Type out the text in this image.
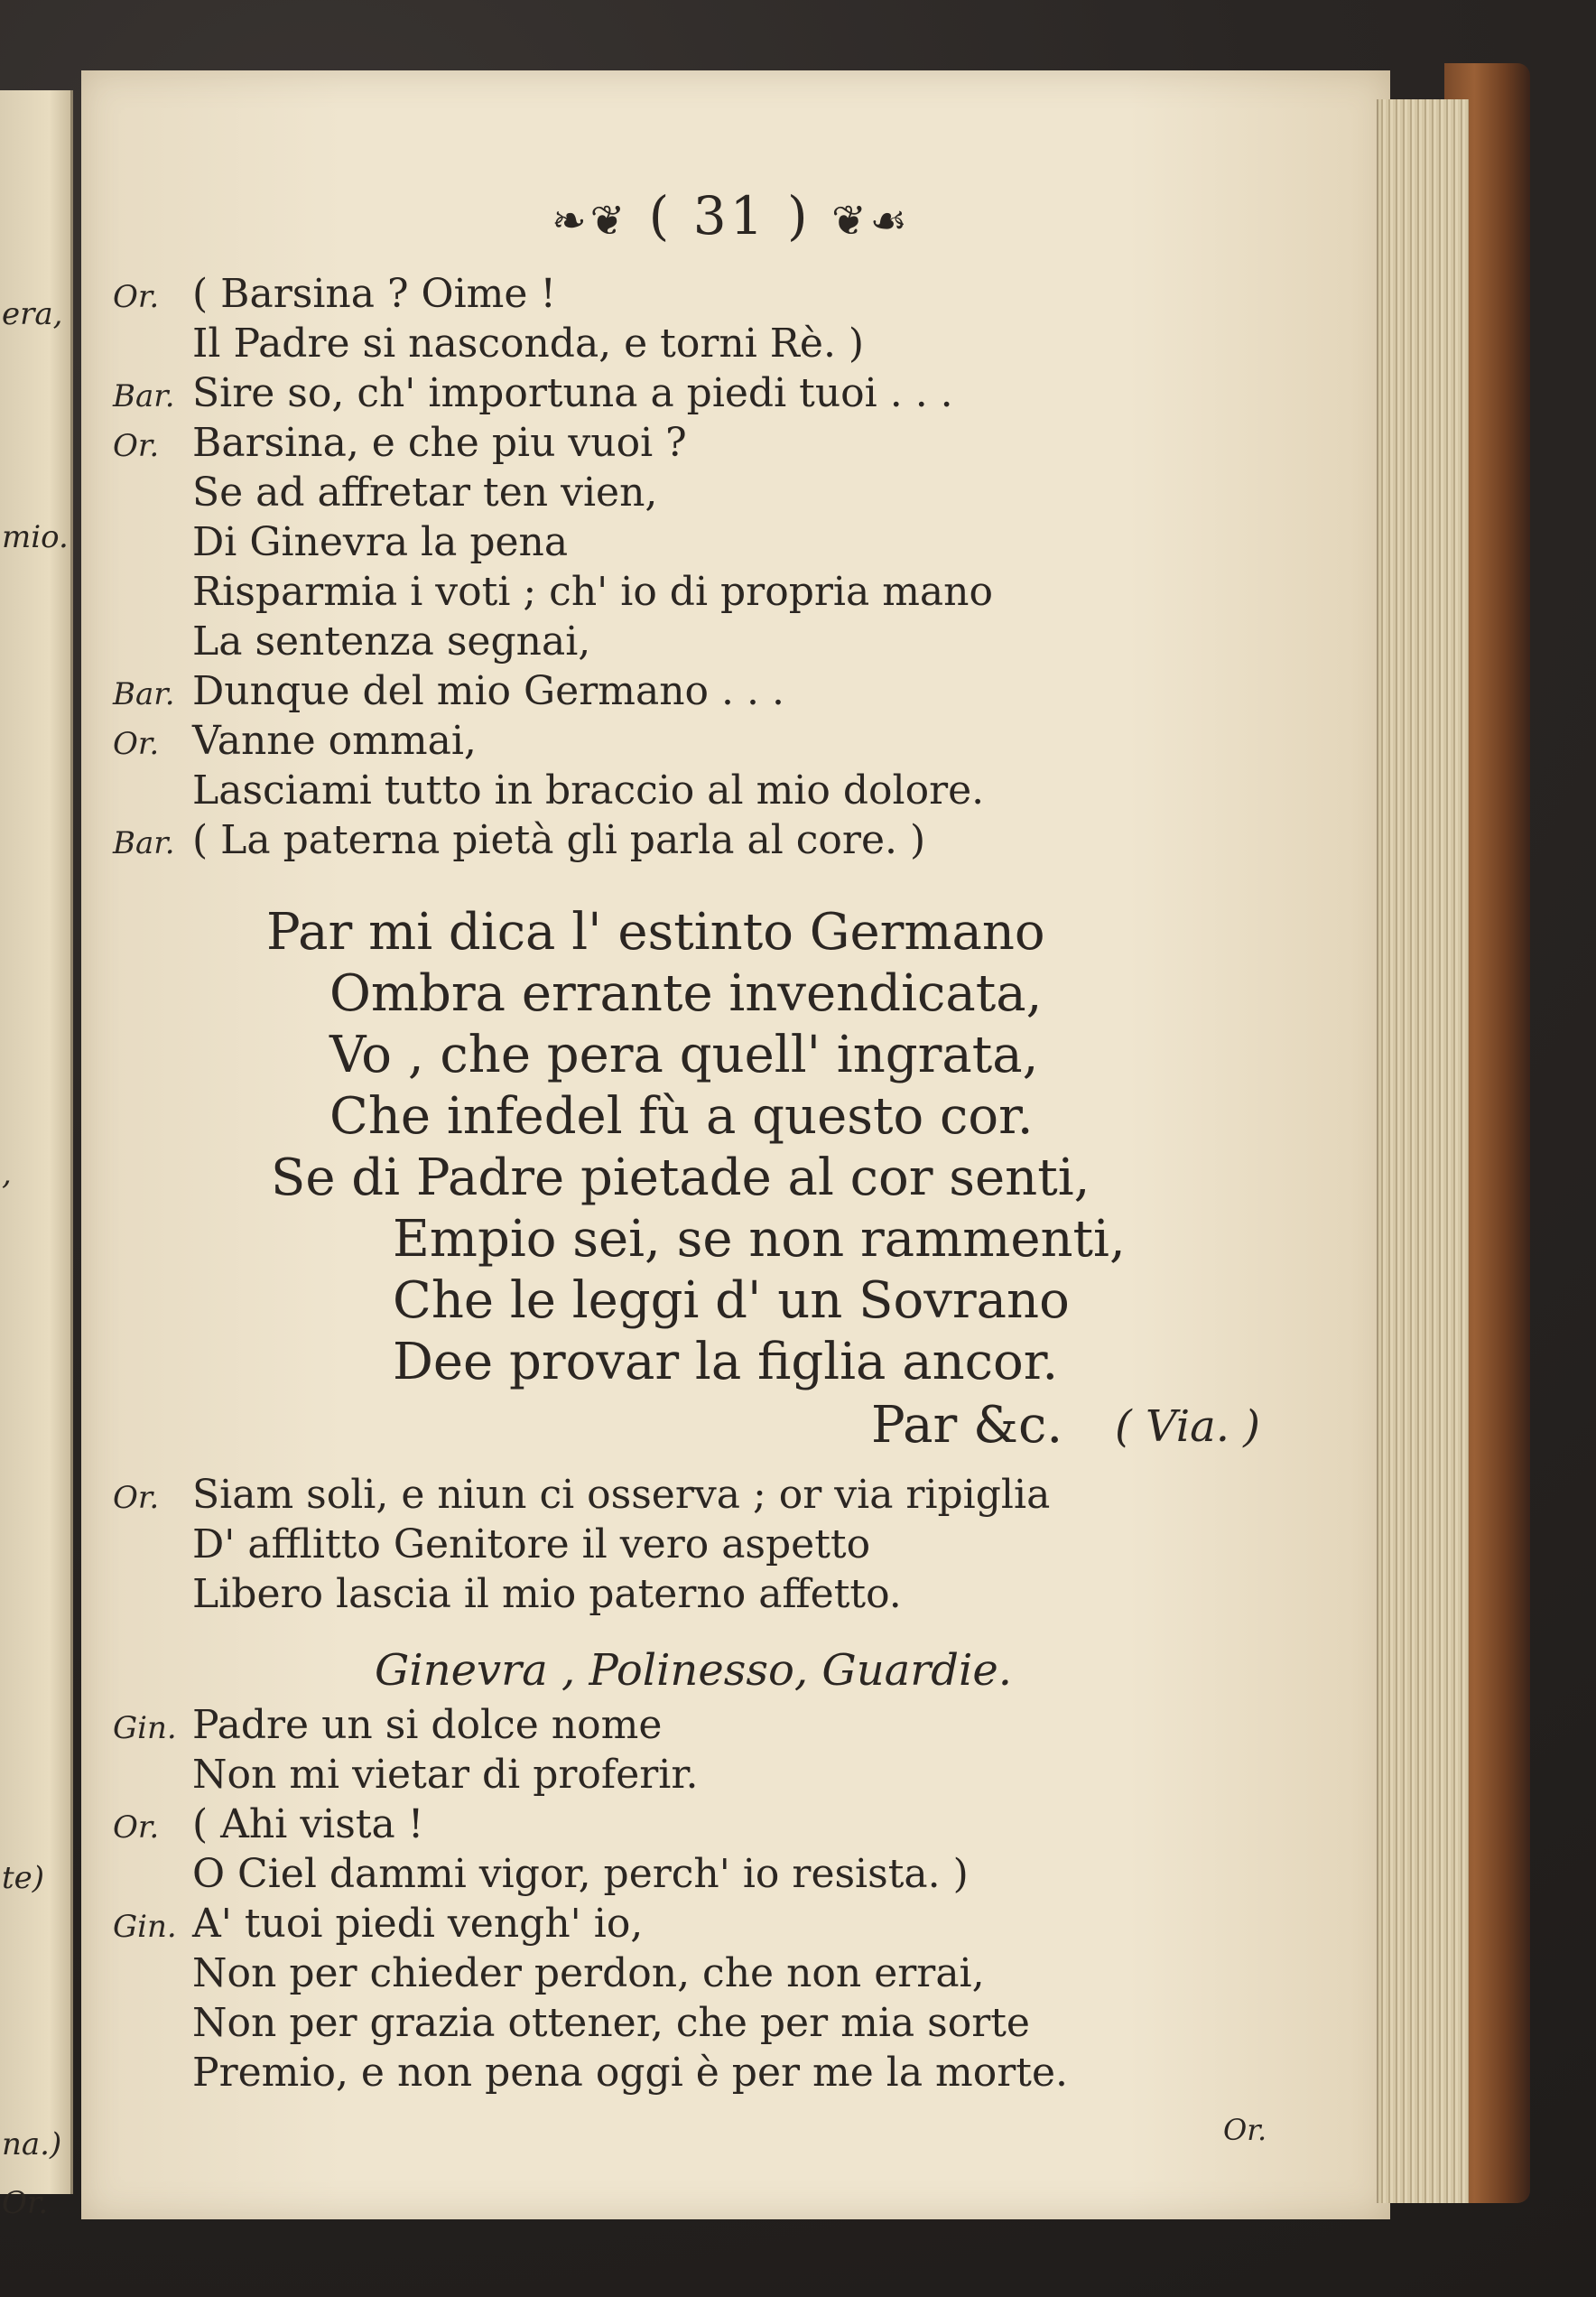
era,
mio.
,
te)
na.)
Or.
❧❦ ( 31 ) ❦☙
Or. ( Barsina ? Oime !
Il Padre si nasconda, e torni Rè. )
Bar. Sire so, ch' importuna a piedi tuoi . . .
Or. Barsina, e che piu vuoi ?
Se ad affretar ten vien,
Di Ginevra la pena
Risparmia i voti ; ch' io di propria mano
La sentenza segnai,
Bar. Dunque del mio Germano . . .
Or. Vanne ommai,
Lasciami tutto in braccio al mio dolore.
Bar. ( La paterna pietà gli parla al core. )
Par mi dica l' estinto Germano
Ombra errante invendicata,
Vo , che pera quell' ingrata,
Che infedel fù a questo cor.
Se di Padre pietade al cor senti,
Empio sei, se non rammenti,
Che le leggi d' un Sovrano
Dee provar la figlia ancor.
Par &c. ( Via. )
Or. Siam soli, e niun ci osserva ; or via ripiglia
D' afflitto Genitore il vero aspetto
Libero lascia il mio paterno affetto.
Ginevra , Polinesso, Guardie.
Gin. Padre un si dolce nome
Non mi vietar di proferir.
Or. ( Ahi vista !
O Ciel dammi vigor, perch' io resista. )
Gin. A' tuoi piedi vengh' io,
Non per chieder perdon, che non errai,
Non per grazia ottener, che per mia sorte
Premio, e non pena oggi è per me la morte.
Or.
